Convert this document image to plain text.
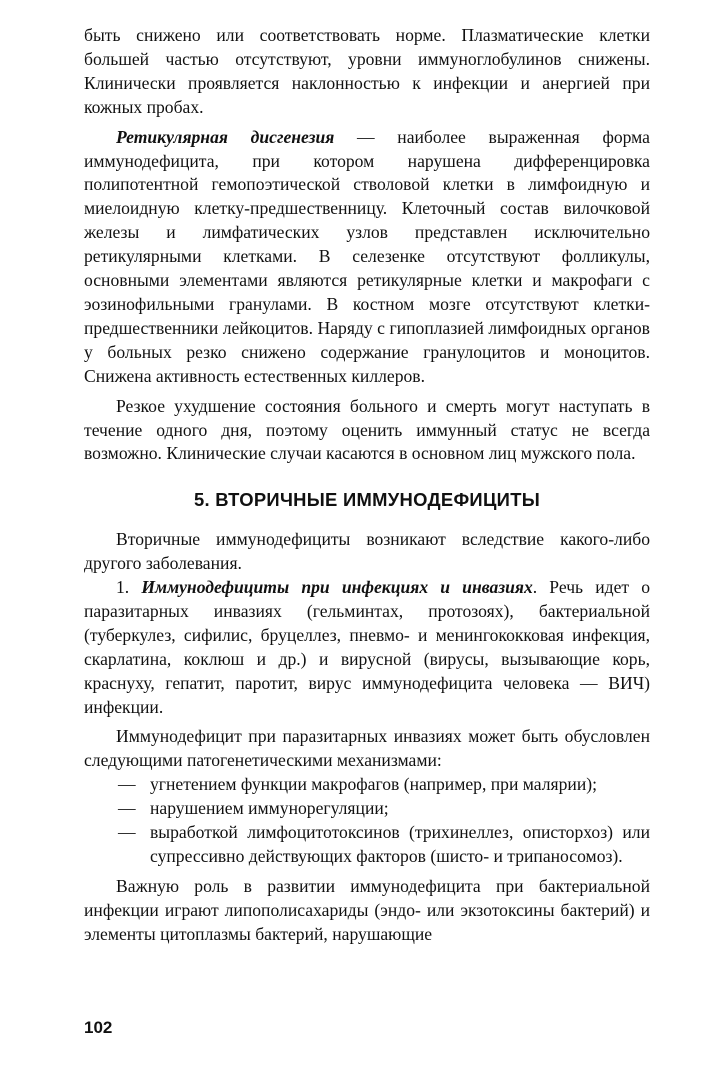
быть снижено или соответствовать норме. Плазматические клетки большей частью отсутствуют, уровни иммуноглобулинов снижены. Клинически проявляется наклонностью к инфекции и анергией при кожных пробах.

Ретикулярная дисгенезия — наиболее выраженная форма иммунодефицита, при котором нарушена дифференцировка полипотентной гемопоэтической стволовой клетки в лимфоидную и миелоидную клетку-предшественницу. Клеточный состав вилочковой железы и лимфатических узлов представлен исключительно ретикулярными клетками. В селезенке отсутствуют фолликулы, основными элементами являются ретикулярные клетки и макрофаги с эозинофильными гранулами. В костном мозге отсутствуют клетки-предшественники лейкоцитов. Наряду с гипоплазией лимфоидных органов у больных резко снижено содержание гранулоцитов и моноцитов. Снижена активность естественных киллеров.

Резкое ухудшение состояния больного и смерть могут наступать в течение одного дня, поэтому оценить иммунный статус не всегда возможно. Клинические случаи касаются в основном лиц мужского пола.

5. ВТОРИЧНЫЕ ИММУНОДЕФИЦИТЫ

Вторичные иммунодефициты возникают вследствие какого-либо другого заболевания.

1. Иммунодефициты при инфекциях и инвазиях. Речь идет о паразитарных инвазиях (гельминтах, протозоях), бактериальной (туберкулез, сифилис, бруцеллез, пневмо- и менингококковая инфекция, скарлатина, коклюш и др.) и вирусной (вирусы, вызывающие корь, краснуху, гепатит, паротит, вирус иммунодефицита человека — ВИЧ) инфекции.

Иммунодефицит при паразитарных инвазиях может быть обусловлен следующими патогенетическими механизмами:

— угнетением функции макрофагов (например, при малярии);
— нарушением иммунорегуляции;
— выработкой лимфоцитотоксинов (трихинеллез, описторхоз) или супрессивно действующих факторов (шисто- и трипаносомоз).

Важную роль в развитии иммунодефицита при бактериальной инфекции играют липополисахариды (эндо- или экзотоксины бактерий) и элементы цитоплазмы бактерий, нарушающие

102
